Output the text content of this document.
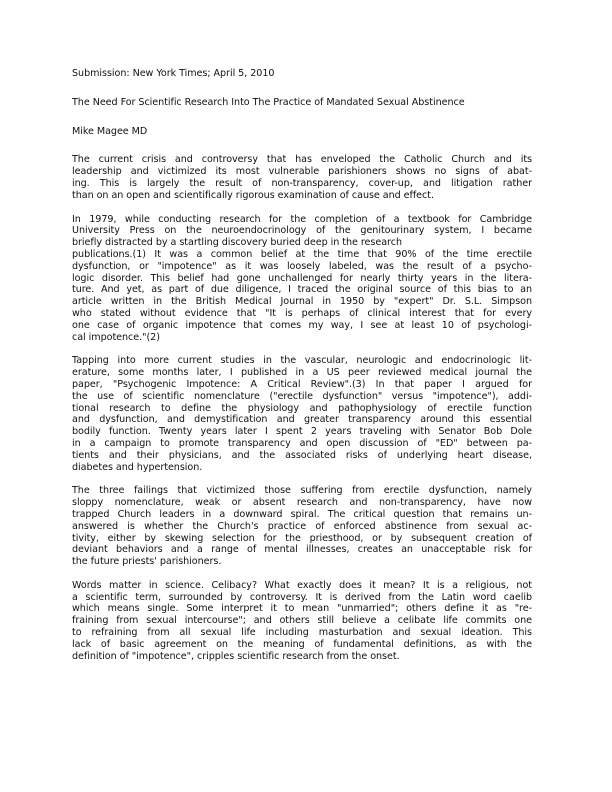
Submission: New York Times; April 5, 2010
The Need For Scientific Research Into The Practice of Mandated Sexual Abstinence
Mike Magee MD

The current crisis and controversy that has enveloped the Catholic Church and its

leadership and victimized its most vulnerable parishioners shows no signs of abat-

ing. This is largely the result of non-transparency, cover-up, and litigation rather

than on an open and scientifically rigorous examination of cause and effect.

In 1979, while conducting research for the completion of a textbook for Cambridge

University Press on the neuroendocrinology of the genitourinary system, I became

briefly distracted by a startling discovery buried deep in the research

publications.(1) It was a common belief at the time that 90% of the time erectile

dysfunction, or "impotence" as it was loosely labeled, was the result of a psycho-

logic disorder. This belief had gone unchallenged for nearly thirty years in the litera-

ture. And yet, as part of due diligence, I traced the original source of this bias to an

article written in the British Medical Journal in 1950 by "expert" Dr. S.L. Simpson

who stated without evidence that "It is perhaps of clinical interest that for every

one case of organic impotence that comes my way, I see at least 10 of psychologi-

cal impotence."(2)

Tapping into more current studies in the vascular, neurologic and endocrinologic lit-

erature, some months later, I published in a US peer reviewed medical journal the

paper, "Psychogenic Impotence: A Critical Review".(3) In that paper I argued for

the use of scientific nomenclature ("erectile dysfunction" versus "impotence"), addi-

tional research to define the physiology and pathophysiology of erectile function

and dysfunction, and demystification and greater transparency around this essential

bodily function. Twenty years later I spent 2 years traveling with Senator Bob Dole

in a campaign to promote transparency and open discussion of "ED" between pa-

tients and their physicians, and the associated risks of underlying heart disease,

diabetes and hypertension.

The three failings that victimized those suffering from erectile dysfunction, namely

sloppy nomenclature, weak or absent research and non-transparency, have now

trapped Church leaders in a downward spiral. The critical question that remains un-

answered is whether the Church's practice of enforced abstinence from sexual ac-

tivity, either by skewing selection for the priesthood, or by subsequent creation of

deviant behaviors and a range of mental illnesses, creates an unacceptable risk for

the future priests' parishioners.

Words matter in science. Celibacy? What exactly does it mean? It is a religious, not

a scientific term, surrounded by controversy. It is derived from the Latin word caelib

which means single. Some interpret it to mean "unmarried"; others define it as "re-

fraining from sexual intercourse"; and others still believe a celibate life commits one

to refraining from all sexual life including masturbation and sexual ideation. This

lack of basic agreement on the meaning of fundamental definitions, as with the

definition of "impotence", cripples scientific research from the onset.
